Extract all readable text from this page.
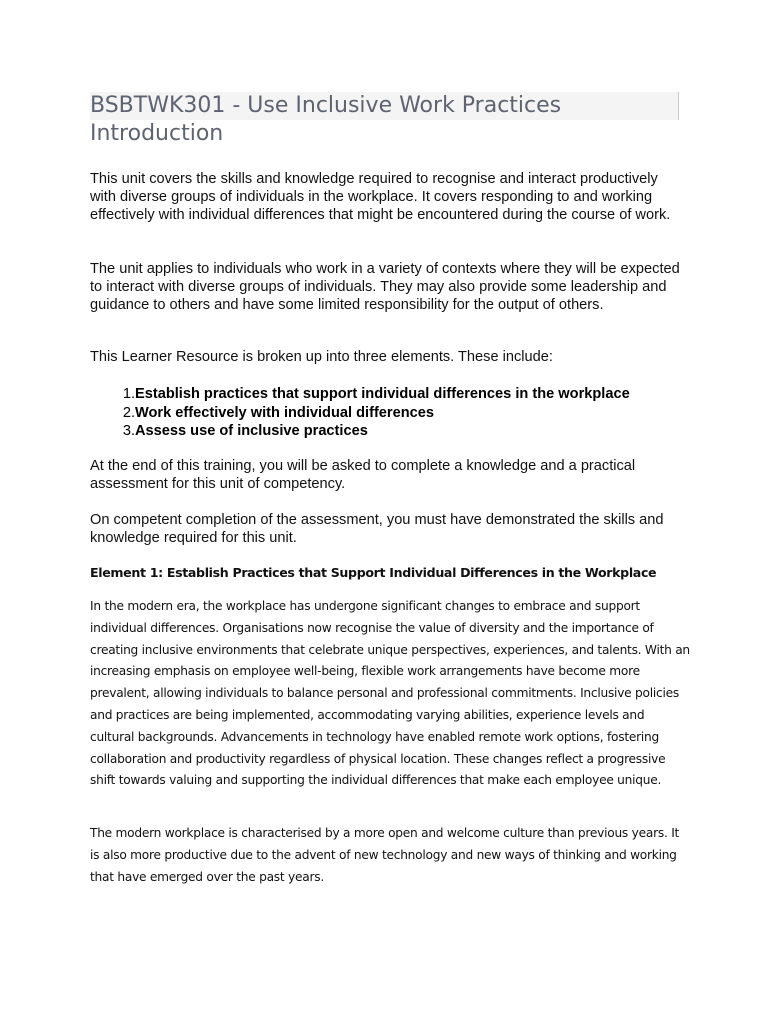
BSBTWK301 - Use Inclusive Work Practices
Introduction

This unit covers the skills and knowledge required to recognise and interact productively with diverse groups of individuals in the workplace. It covers responding to and working effectively with individual differences that might be encountered during the course of work.

The unit applies to individuals who work in a variety of contexts where they will be expected to interact with diverse groups of individuals. They may also provide some leadership and guidance to others and have some limited responsibility for the output of others.

This Learner Resource is broken up into three elements. These include:

1. Establish practices that support individual differences in the workplace
2. Work effectively with individual differences
3. Assess use of inclusive practices

At the end of this training, you will be asked to complete a knowledge and a practical assessment for this unit of competency.

On competent completion of the assessment, you must have demonstrated the skills and knowledge required for this unit.

Element 1: Establish Practices that Support Individual Differences in the Workplace

In the modern era, the workplace has undergone significant changes to embrace and support individual differences. Organisations now recognise the value of diversity and the importance of creating inclusive environments that celebrate unique perspectives, experiences, and talents. With an increasing emphasis on employee well-being, flexible work arrangements have become more prevalent, allowing individuals to balance personal and professional commitments. Inclusive policies and practices are being implemented, accommodating varying abilities, experience levels and cultural backgrounds. Advancements in technology have enabled remote work options, fostering collaboration and productivity regardless of physical location. These changes reflect a progressive shift towards valuing and supporting the individual differences that make each employee unique.

The modern workplace is characterised by a more open and welcome culture than previous years. It is also more productive due to the advent of new technology and new ways of thinking and working that have emerged over the past years.
